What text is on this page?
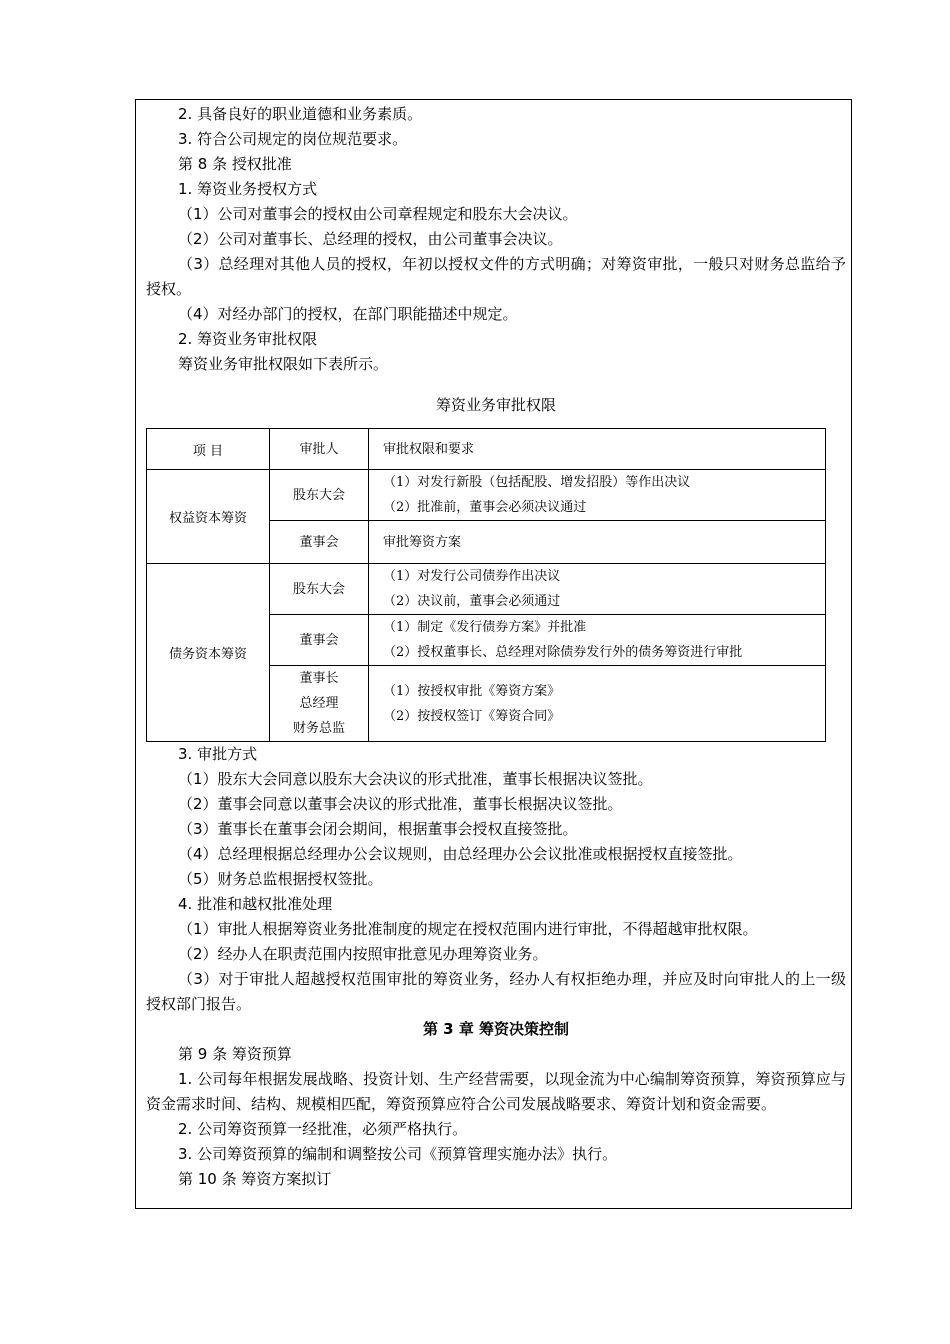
2. 具备良好的职业道德和业务素质。

3. 符合公司规定的岗位规范要求。

第 8 条 授权批准

1. 筹资业务授权方式

（1）公司对董事会的授权由公司章程规定和股东大会决议。

（2）公司对董事长、总经理的授权，由公司董事会决议。

（3）总经理对其他人员的授权，年初以授权文件的方式明确；对筹资审批，一般只对财务总监给予授权。

（4）对经办部门的授权，在部门职能描述中规定。

2. 筹资业务审批权限

筹资业务审批权限如下表所示。

筹资业务审批权限
项 目	审批人	审批权限和要求
权益资本筹资	股东大会	（1）对发行新股（包括配股、增发招股）等作出决议
（2）批准前，董事会必须决议通过

	董事会	审批筹资方案

债务资本筹资	股东大会	（1）对发行公司债券作出决议
（2）决议前，董事会必须通过

	董事会	（1）制定《发行债券方案》并批准
（2）授权董事长、总经理对除债券发行外的债务筹资进行审批

	董事长
总经理
财务总监	（1）按授权审批《筹资方案》
（2）按授权签订《筹资合同》

3. 审批方式

（1）股东大会同意以股东大会决议的形式批准，董事长根据决议签批。

（2）董事会同意以董事会决议的形式批准，董事长根据决议签批。

（3）董事长在董事会闭会期间，根据董事会授权直接签批。

（4）总经理根据总经理办公会议规则，由总经理办公会议批准或根据授权直接签批。

（5）财务总监根据授权签批。

4. 批准和越权批准处理

（1）审批人根据筹资业务批准制度的规定在授权范围内进行审批，不得超越审批权限。

（2）经办人在职责范围内按照审批意见办理筹资业务。

（3）对于审批人超越授权范围审批的筹资业务，经办人有权拒绝办理，并应及时向审批人的上一级授权部门报告。

第 3 章 筹资决策控制

第 9 条 筹资预算

1. 公司每年根据发展战略、投资计划、生产经营需要，以现金流为中心编制筹资预算，筹资预算应与资金需求时间、结构、规模相匹配，筹资预算应符合公司发展战略要求、筹资计划和资金需要。

2. 公司筹资预算一经批准，必须严格执行。

3. 公司筹资预算的编制和调整按公司《预算管理实施办法》执行。

第 10 条 筹资方案拟订
